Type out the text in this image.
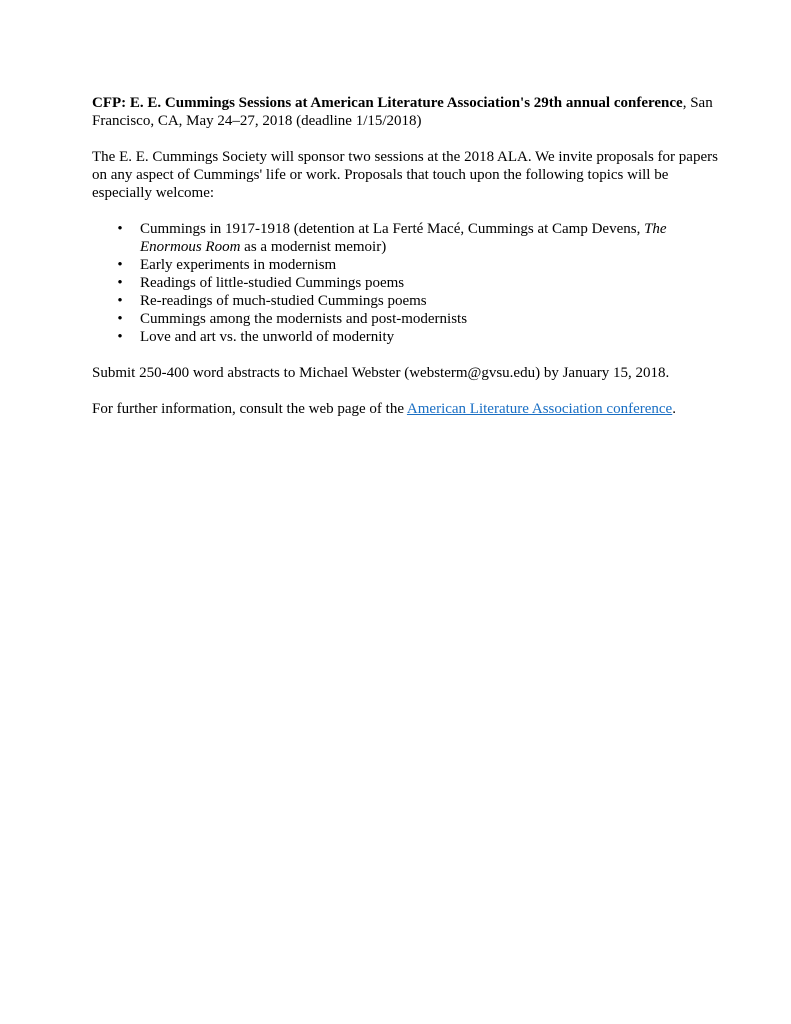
CFP: E. E. Cummings Sessions at American Literature Association's 29th annual conference, San Francisco, CA, May 24–27, 2018 (deadline 1/15/2018)

The E. E. Cummings Society will sponsor two sessions at the 2018 ALA. We invite proposals for papers on any aspect of Cummings' life or work. Proposals that touch upon the following topics will be especially welcome:

• Cummings in 1917-1918 (detention at La Ferté Macé, Cummings at Camp Devens, The Enormous Room as a modernist memoir)
• Early experiments in modernism
• Readings of little-studied Cummings poems
• Re-readings of much-studied Cummings poems
• Cummings among the modernists and post-modernists
• Love and art vs. the unworld of modernity

Submit 250-400 word abstracts to Michael Webster (websterm@gvsu.edu) by January 15, 2018.

For further information, consult the web page of the American Literature Association conference.
